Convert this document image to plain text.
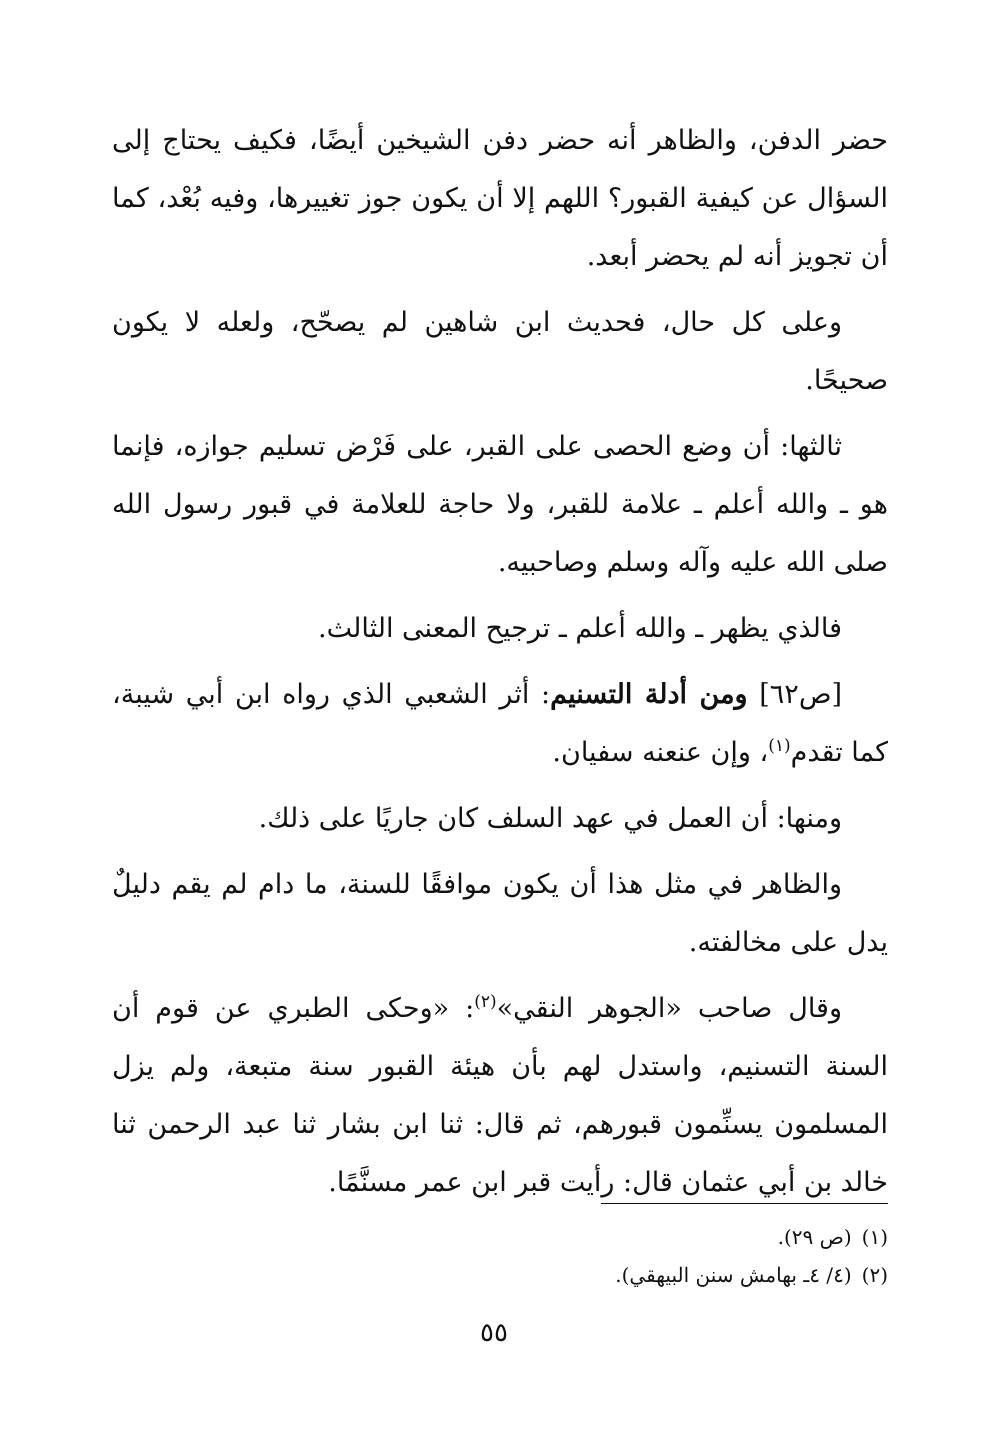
حضر الدفن، والظاهر أنه حضر دفن الشيخين أيضًا، فكيف يحتاج إلى السؤال عن كيفية القبور؟ اللهم إلا أن يكون جوز تغييرها، وفيه بُعْد، كما أن تجويز أنه لم يحضر أبعد.

وعلى كل حال، فحديث ابن شاهين لم يصحّح، ولعله لا يكون صحيحًا.

ثالثها: أن وضع الحصى على القبر، على فَرْض تسليم جوازه، فإنما هو ـ والله أعلم ـ علامة للقبر، ولا حاجة للعلامة في قبور رسول الله صلى الله عليه وآله وسلم وصاحبيه.

فالذي يظهر ـ والله أعلم ـ ترجيح المعنى الثالث.

[ص٦٢] ومن أدلة التسنيم: أثر الشعبي الذي رواه ابن أبي شيبة، كما تقدم$^{(١)}$، وإن عنعنه سفيان.

ومنها: أن العمل في عهد السلف كان جاريًا على ذلك.

والظاهر في مثل هذا أن يكون موافقًا للسنة، ما دام لم يقم دليلٌ يدل على مخالفته.

وقال صاحب «الجوهر النقي»$^{(٢)}$: «وحكى الطبري عن قوم أن السنة التسنيم، واستدل لهم بأن هيئة القبور سنة متبعة، ولم يزل المسلمون يسنِّمون قبورهم، ثم قال: ثنا ابن بشار ثنا عبد الرحمن ثنا خالد بن أبي عثمان قال: رأيت قبر ابن عمر مسنَّمًا.

(١)(ص ٢٩).

(٢)(٤/ ٤ـ بهامش سنن البيهقي).

٥٥
